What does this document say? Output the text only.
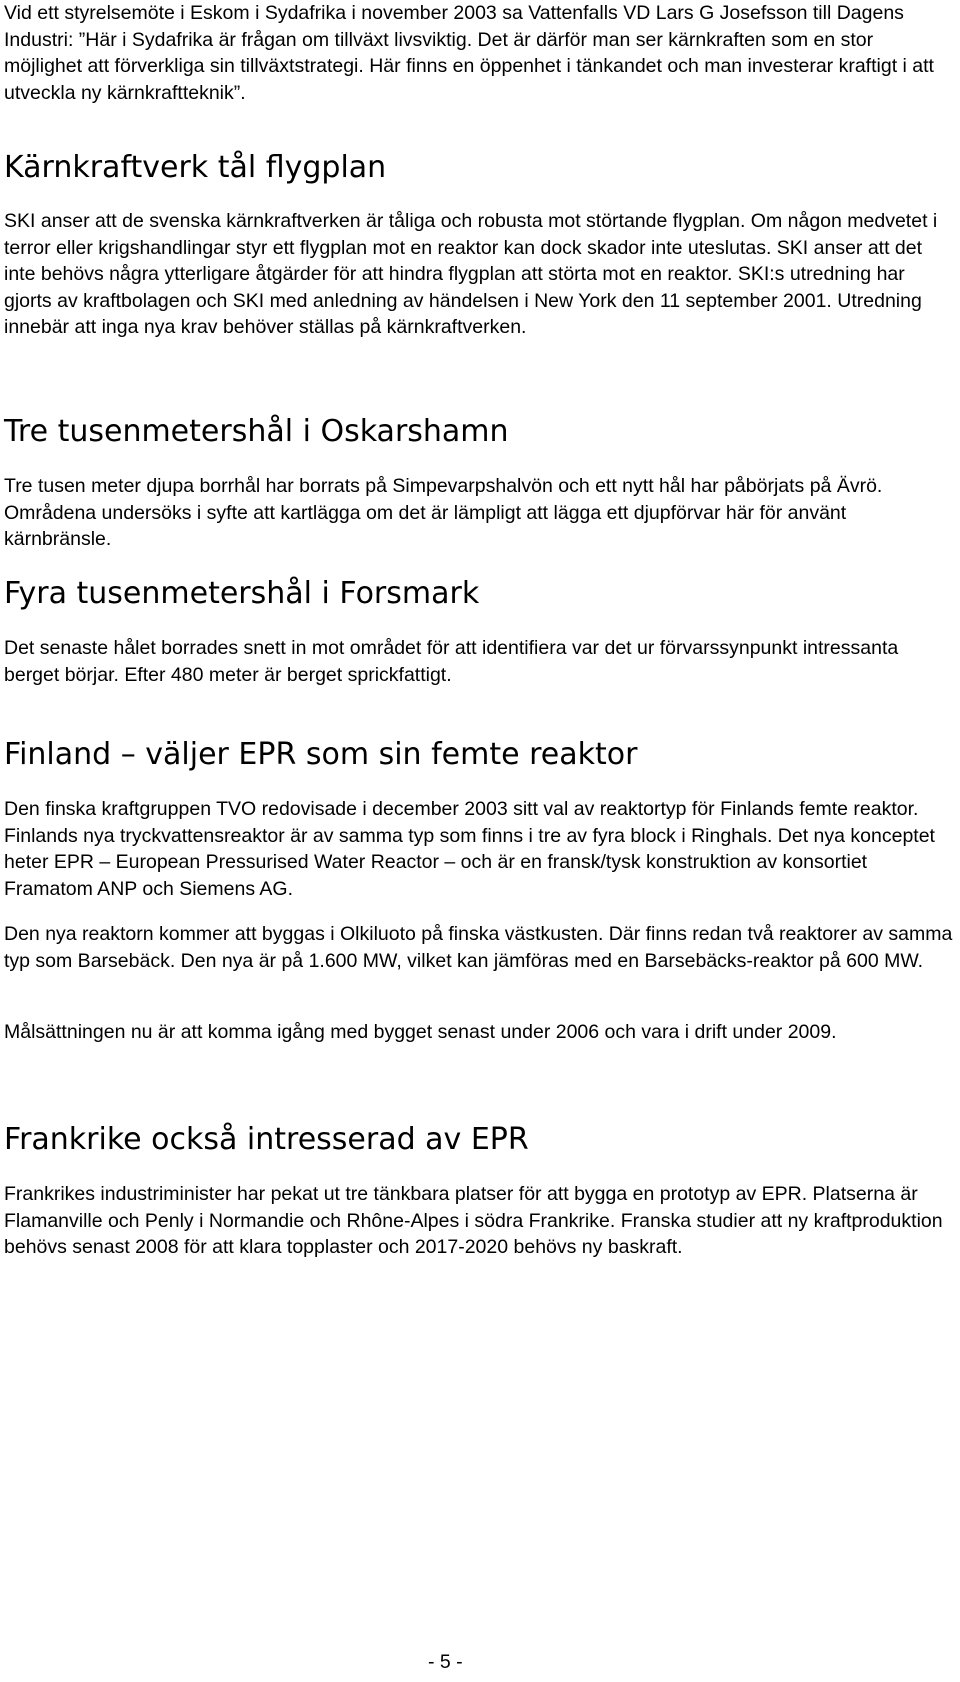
Vid ett styrelsemöte i Eskom i Sydafrika i november 2003 sa Vattenfalls VD Lars G Josefsson till Dagens Industri: ”Här i Sydafrika är frågan om tillväxt livsviktig. Det är därför man ser kärnkraften som en stor möjlighet att förverkliga sin tillväxtstrategi. Här finns en öppenhet i tänkandet och man investerar kraftigt i att utveckla ny kärnkraftteknik”.

Kärnkraftverk tål flygplan

SKI anser att de svenska kärnkraftverken är tåliga och robusta mot störtande flygplan. Om någon medvetet i terror eller krigshandlingar styr ett flygplan mot en reaktor kan dock skador inte uteslutas. SKI anser att det inte behövs några ytterligare åtgärder för att hindra flygplan att störta mot en reaktor. SKI:s utredning har gjorts av kraftbolagen och SKI med anledning av händelsen i New York den 11 september 2001. Utredning innebär att inga nya krav behöver ställas på kärnkraftverken.

Tre tusenmetershål i Oskarshamn

Tre tusen meter djupa borrhål har borrats på Simpevarpshalvön och ett nytt hål har påbörjats på Ävrö. Områdena undersöks i syfte att kartlägga om det är lämpligt att lägga ett djupförvar här för använt kärnbränsle.

Fyra tusenmetershål i Forsmark

Det senaste hålet borrades snett in mot området för att identifiera var det ur förvarssynpunkt intressanta berget börjar. Efter 480 meter är berget sprickfattigt.

Finland – väljer EPR som sin femte reaktor

Den finska kraftgruppen TVO redovisade i december 2003 sitt val av reaktortyp för Finlands femte reaktor. Finlands nya tryckvattensreaktor är av samma typ som finns i tre av fyra block i Ringhals. Det nya konceptet heter EPR – European Pressurised Water Reactor – och är en fransk/tysk konstruktion av konsortiet Framatom ANP och Siemens AG.

Den nya reaktorn kommer att byggas i Olkiluoto på finska västkusten. Där finns redan två reaktorer av samma typ som Barsebäck. Den nya är på 1.600 MW, vilket kan jämföras med en Barsebäcks-reaktor på 600 MW.

Målsättningen nu är att komma igång med bygget senast under 2006 och vara i drift under 2009.

Frankrike också intresserad av EPR

Frankrikes industriminister har pekat ut tre tänkbara platser för att bygga en prototyp av EPR. Platserna är Flamanville och Penly i Normandie och Rhône-Alpes i södra Frankrike. Franska studier att ny kraftproduktion behövs senast 2008 för att klara topplaster och 2017-2020 behövs ny baskraft.

- 5 -
